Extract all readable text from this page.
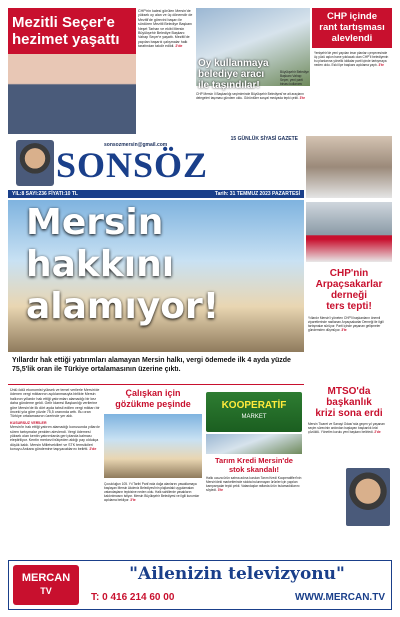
Mezitli Seçer'e
hezimet yaşattı
CHP'nin kalesi görülen Mersin'de yüksek oy alan ve üç dönemdir de Mezitli'de görevini başarı ile sürdüren Mezitli Belediye Başkanı Neşet Tarhan ve ekibi Mersin Büyükşehir Belediye Başkanı Vahap Seçer'e yaşattı. Mezitli'de yapılan başarılı çalışmalar halk tarafından takdir edildi. 2'de
Oy kullanmaya
belediye aracı
ile taşındılar!
Büyükşehir Belediye Başkanı Vahap Seçer, yeni parti binası kullanımı
CHP Mersin İl Başkanlığı seçimlerinde Büyükşehir Belediyesi'ne ait araçların delegeleri taşıması gündem oldu. Görüntüler sosyal medyada tepki çekti. 3'te
CHP içinde
rant tartışması
alevlendi
Yenişehir'de yeni yapılan imar planları çerçevesinde üç yüzü aşkın hane yıkılacak olan CHP'li belediyenin bu planlarına yönelik iddialar parti içinde tartışmaya neden oldu. Eski ilçe başkanı açıklama yaptı. 3'te
15 GÜNLÜK SİYASİ GAZETE
sonsozmersin@gmail.com
SONSÖZ
YIL:8 SAYI:236 FİYATI:10 TL	Tarih: 31 TEMMUZ 2023 PAZARTESİ
CHP'nin
Arpaçsakarlar
derneği
ters tepti!
Yıllardır Mersin'i yöneten CHP'li başkanların önemli ziyaretlerinde rastlanan Arpaçsakarlar Derneği ile ilgili tartışmalar sürüyor. Parti içinde yaşanan gelişmeler gündemden düşmüyor. 3'te
MTSO'da
başkanlık
krizi sona erdi
Mersin Ticaret ve Sanayi Odası'nda geçen yıl yaşanan seçim sürecinin ardından başlayan başkanlık krizi çözüldü. Yönetim kurulu yeni başkanı belirledi. 2'de
Mersin
hakkını
alamıyor!
Yıllardır hak ettiği yatırımları alamayan Mersin halkı, vergi ödemede ilk 4 ayda yüzde 75,5'lik oran ile Türkiye ortalamasının üzerine çıktı.
Ünlü ödül ekonomist yüksek ve temel verilerle Mersin'de ödenen vergi miktarının açıklanmasıyla birlikte Mersin halkının yıllardır hak ettiği yatırımları alamadığı bir kez daha gündeme geldi. Gelir İdaresi Başkanlığı verilerine göre Mersin'de ilk dört ayda tahsil edilen vergi miktarı bir önceki yıla göre yüzde 75,5 oranında arttı. Bu oran Türkiye ortalamasının üzerinde yer aldı.
KUSURSUZ VERİLER
Mersin'in hak ettiği yatırım alamadığı konusunda yıllardır süren tartışmalar yeniden alevlendi. Vergi ödemesi yüksek olan kentin yatırımlarda geri planda kalması eleştiriliyor. Kentin merkezi bütçeden aldığı pay oldukça düşük kaldı. Mersin Milletvekilleri ve STK temsilcileri konuyu Ankara gündemine taşıyacaklarını belirtti. 2'de
Çalışkan için
gözükme peşinde
Çocukluğun 105. Yıl Tarihi Park'ında doğa alanlarını yasaklamaya başlayan Mersin Akdeniz Belediyesi'nin plajlardaki uygulamaları vatandaşların tepkisine neden oldu. Halk sahillerde yasakların kaldırılmasını istiyor. Mersin Büyükşehir Belediyesi ve ilgili kurumlar açıklama bekliyor. 3'te
KOOPERATİF
MARKET
Tarım Kredi Mersin'de
stok skandalı!
Halkı ucuza ürün satma adına kurulan Tarım Kredi Kooperatifleri'nin Mersin'deki marketlerinde stokta bulunmayan ürünler için yapılan kampanyalar tepki çekti. Vatandaşlar raflarda ürün bulamadıklarını söyledi. 3'te
MERCAN
TV
"Ailenizin televizyonu"
T: 0 416 214 60 00	WWW.MERCAN.TV
